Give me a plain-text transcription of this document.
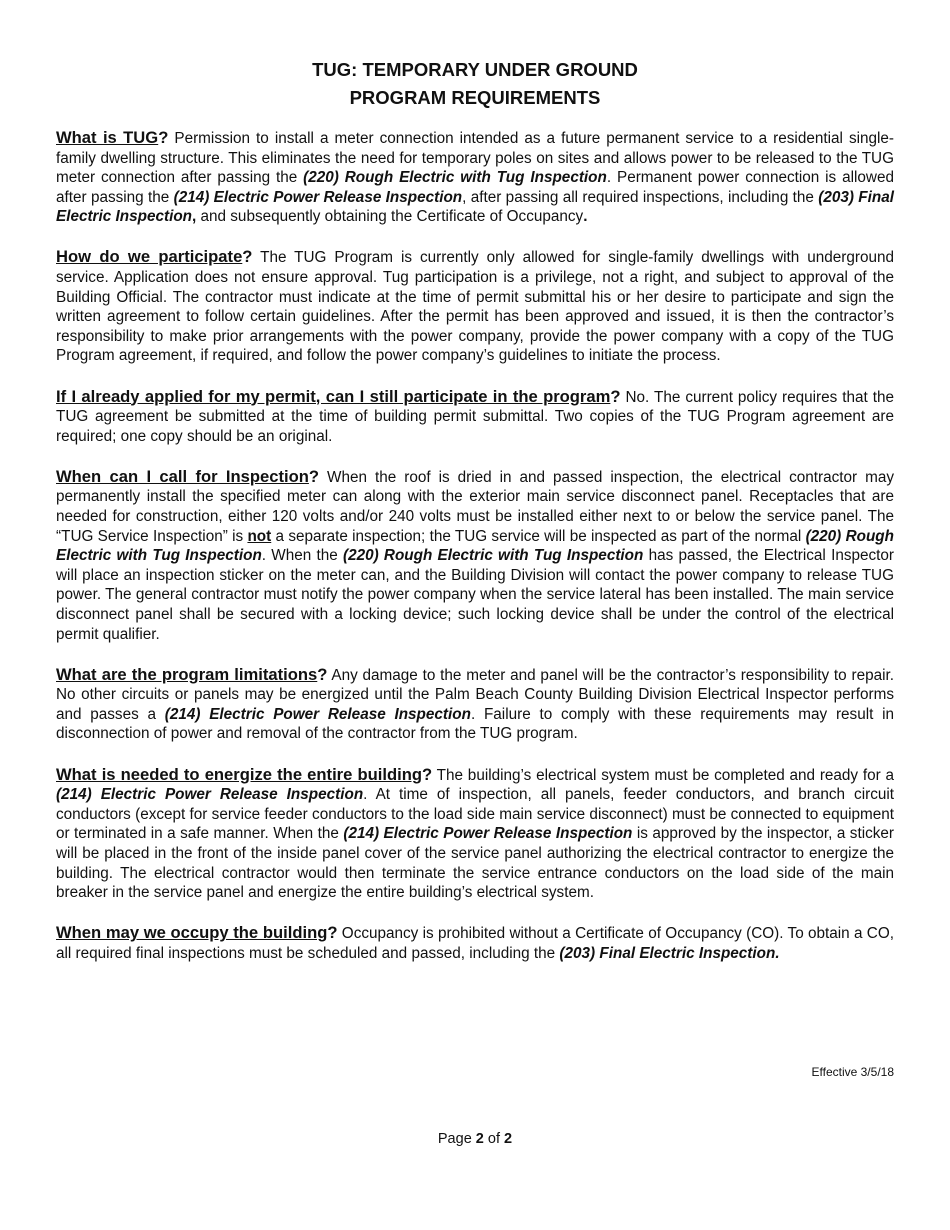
TUG: TEMPORARY UNDER GROUND
PROGRAM REQUIREMENTS

What is TUG? Permission to install a meter connection intended as a future permanent service to a residential single-family dwelling structure. This eliminates the need for temporary poles on sites and allows power to be released to the TUG meter connection after passing the (220) Rough Electric with Tug Inspection. Permanent power connection is allowed after passing the (214) Electric Power Release Inspection, after passing all required inspections, including the (203) Final Electric Inspection, and subsequently obtaining the Certificate of Occupancy.

How do we participate? The TUG Program is currently only allowed for single-family dwellings with underground service. Application does not ensure approval. Tug participation is a privilege, not a right, and subject to approval of the Building Official. The contractor must indicate at the time of permit submittal his or her desire to participate and sign the written agreement to follow certain guidelines. After the permit has been approved and issued, it is then the contractor’s responsibility to make prior arrangements with the power company, provide the power company with a copy of the TUG Program agreement, if required, and follow the power company’s guidelines to initiate the process.

If I already applied for my permit, can I still participate in the program? No. The current policy requires that the TUG agreement be submitted at the time of building permit submittal. Two copies of the TUG Program agreement are required; one copy should be an original.

When can I call for Inspection? When the roof is dried in and passed inspection, the electrical contractor may permanently install the specified meter can along with the exterior main service disconnect panel. Receptacles that are needed for construction, either 120 volts and/or 240 volts must be installed either next to or below the service panel. The “TUG Service Inspection” is not a separate inspection; the TUG service will be inspected as part of the normal (220) Rough Electric with Tug Inspection. When the (220) Rough Electric with Tug Inspection has passed, the Electrical Inspector will place an inspection sticker on the meter can, and the Building Division will contact the power company to release TUG power. The general contractor must notify the power company when the service lateral has been installed. The main service disconnect panel shall be secured with a locking device; such locking device shall be under the control of the electrical permit qualifier.

What are the program limitations? Any damage to the meter and panel will be the contractor’s responsibility to repair. No other circuits or panels may be energized until the Palm Beach County Building Division Electrical Inspector performs and passes a (214) Electric Power Release Inspection. Failure to comply with these requirements may result in disconnection of power and removal of the contractor from the TUG program.

What is needed to energize the entire building? The building’s electrical system must be completed and ready for a (214) Electric Power Release Inspection. At time of inspection, all panels, feeder conductors, and branch circuit conductors (except for service feeder conductors to the load side main service disconnect) must be connected to equipment or terminated in a safe manner. When the (214) Electric Power Release Inspection is approved by the inspector, a sticker will be placed in the front of the inside panel cover of the service panel authorizing the electrical contractor to energize the building. The electrical contractor would then terminate the service entrance conductors on the load side of the main breaker in the service panel and energize the entire building’s electrical system.

When may we occupy the building? Occupancy is prohibited without a Certificate of Occupancy (CO). To obtain a CO, all required final inspections must be scheduled and passed, including the (203) Final Electric Inspection.

Effective 3/5/18
Page 2 of 2
